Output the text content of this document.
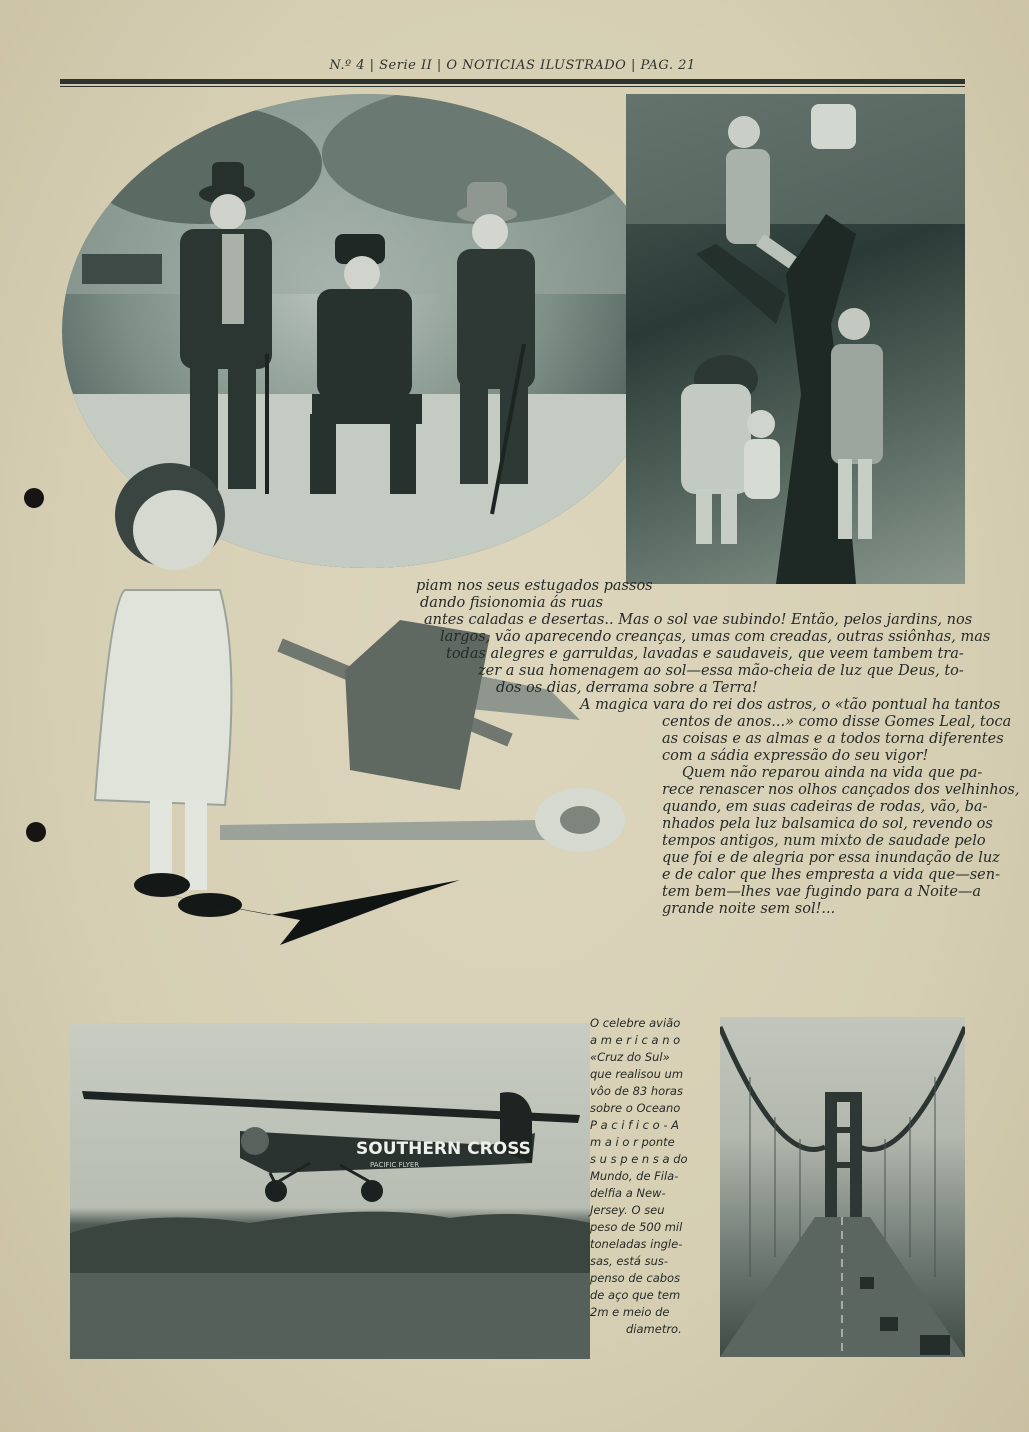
N.º 4 | Serie II | O NOTICIAS ILUSTRADO | PAG. 21
piam nos seus estugados passos
dando fisionomia ás ruas
antes caladas e desertas.. Mas o sol vae subindo! Então, pelos jardins, nos
largos, vão aparecendo creanças, umas com creadas, outras ssiônhas, mas
todas alegres e garruldas, lavadas e saudaveis, que veem tambem tra-
zer a sua homenagem ao sol—essa mão-cheia de luz que Deus, to-
dos os dias, derrama sobre a Terra!
A magica vara do rei dos astros, o «tão pontual ha tantos
centos de anos...» como disse Gomes Leal, toca
as coisas e as almas e a todos torna diferentes
com a sádia expressão do seu vigor!
Quem não reparou ainda na vida que pa-
rece renascer nos olhos cançados dos velhinhos,
quando, em suas cadeiras de rodas, vão, ba-
nhados pela luz balsamica do sol, revendo os
tempos antigos, num mixto de saudade pelo
que foi e de alegria por essa inundação de luz
e de calor que lhes empresta a vida que—sen-
tem bem—lhes vae fugindo para a Noite—a
grande noite sem sol!...
SOUTHERN CROSS
PACIFIC FLYER
O celebre avião
a m e r i c a n o
«Cruz do Sul»
que realisou um
vôo de 83 horas
sobre o Oceano
P a c i f i c o - A
m a i o r ponte
s u s p e n s a do
Mundo, de Fila-
delfia a New-
Jersey. O seu
peso de 500 mil
toneladas ingle-
sas, está sus-
penso de cabos
de aço que tem
2m e meio de
diametro.
